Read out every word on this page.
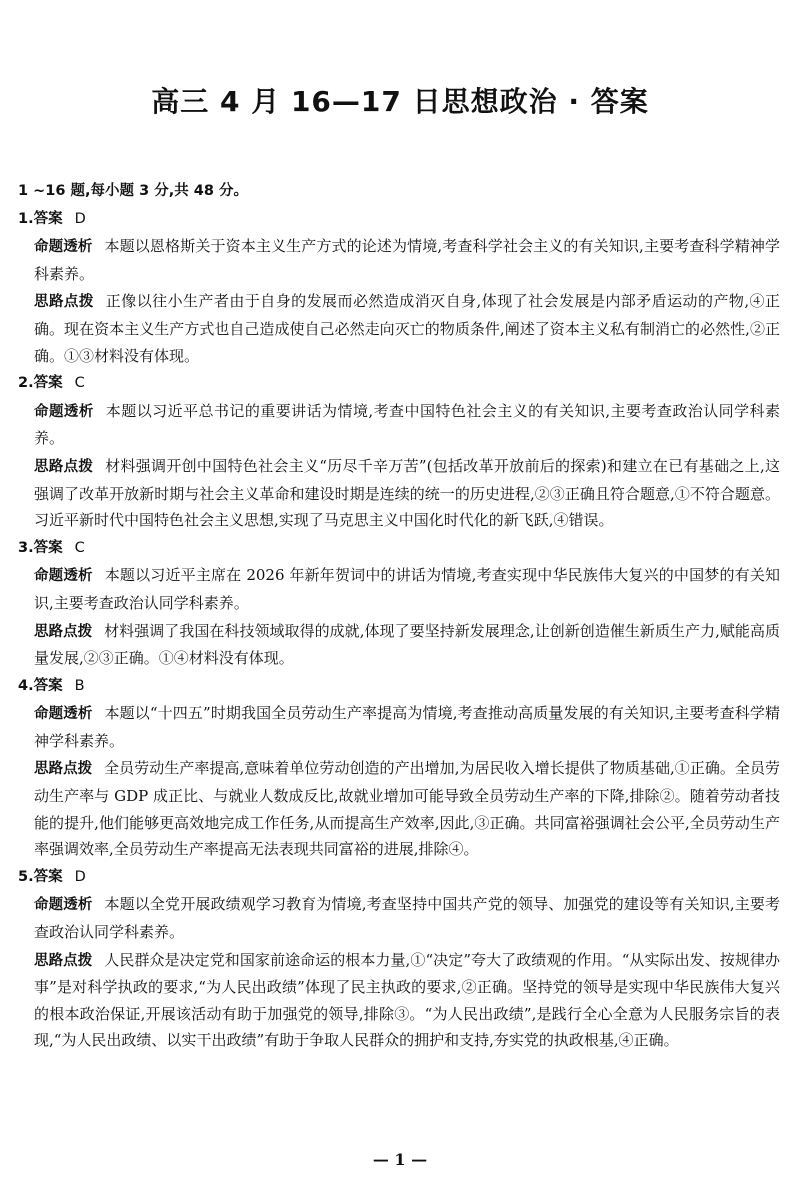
高三 4 月 16—17 日思想政治 · 答案
1 ~16 题,每小题 3 分,共 48 分。
1.答案 D
命题透析 本题以恩格斯关于资本主义生产方式的论述为情境,考查科学社会主义的有关知识,主要考查科学精神学科素养。
思路点拨 正像以往小生产者由于自身的发展而必然造成消灭自身,体现了社会发展是内部矛盾运动的产物,④正确。现在资本主义生产方式也自己造成使自己必然走向灭亡的物质条件,阐述了资本主义私有制消亡的必然性,②正确。①③材料没有体现。
2.答案 C
命题透析 本题以习近平总书记的重要讲话为情境,考查中国特色社会主义的有关知识,主要考查政治认同学科素养。
思路点拨 材料强调开创中国特色社会主义“历尽千辛万苦”(包括改革开放前后的探索)和建立在已有基础之上,这强调了改革开放新时期与社会主义革命和建设时期是连续的统一的历史进程,②③正确且符合题意,①不符合题意。习近平新时代中国特色社会主义思想,实现了马克思主义中国化时代化的新飞跃,④错误。
3.答案 C
命题透析 本题以习近平主席在 2026 年新年贺词中的讲话为情境,考查实现中华民族伟大复兴的中国梦的有关知识,主要考查政治认同学科素养。
思路点拨 材料强调了我国在科技领域取得的成就,体现了要坚持新发展理念,让创新创造催生新质生产力,赋能高质量发展,②③正确。①④材料没有体现。
4.答案 B
命题透析 本题以“十四五”时期我国全员劳动生产率提高为情境,考查推动高质量发展的有关知识,主要考查科学精神学科素养。
思路点拨 全员劳动生产率提高,意味着单位劳动创造的产出增加,为居民收入增长提供了物质基础,①正确。全员劳动生产率与 GDP 成正比、与就业人数成反比,故就业增加可能导致全员劳动生产率的下降,排除②。随着劳动者技能的提升,他们能够更高效地完成工作任务,从而提高生产效率,因此,③正确。共同富裕强调社会公平,全员劳动生产率强调效率,全员劳动生产率提高无法表现共同富裕的进展,排除④。
5.答案 D
命题透析 本题以全党开展政绩观学习教育为情境,考查坚持中国共产党的领导、加强党的建设等有关知识,主要考查政治认同学科素养。
思路点拨 人民群众是决定党和国家前途命运的根本力量,①“决定”夸大了政绩观的作用。“从实际出发、按规律办事”是对科学执政的要求,“为人民出政绩”体现了民主执政的要求,②正确。坚持党的领导是实现中华民族伟大复兴的根本政治保证,开展该活动有助于加强党的领导,排除③。“为人民出政绩”,是践行全心全意为人民服务宗旨的表现,“为人民出政绩、以实干出政绩”有助于争取人民群众的拥护和支持,夯实党的执政根基,④正确。
— 1 —
